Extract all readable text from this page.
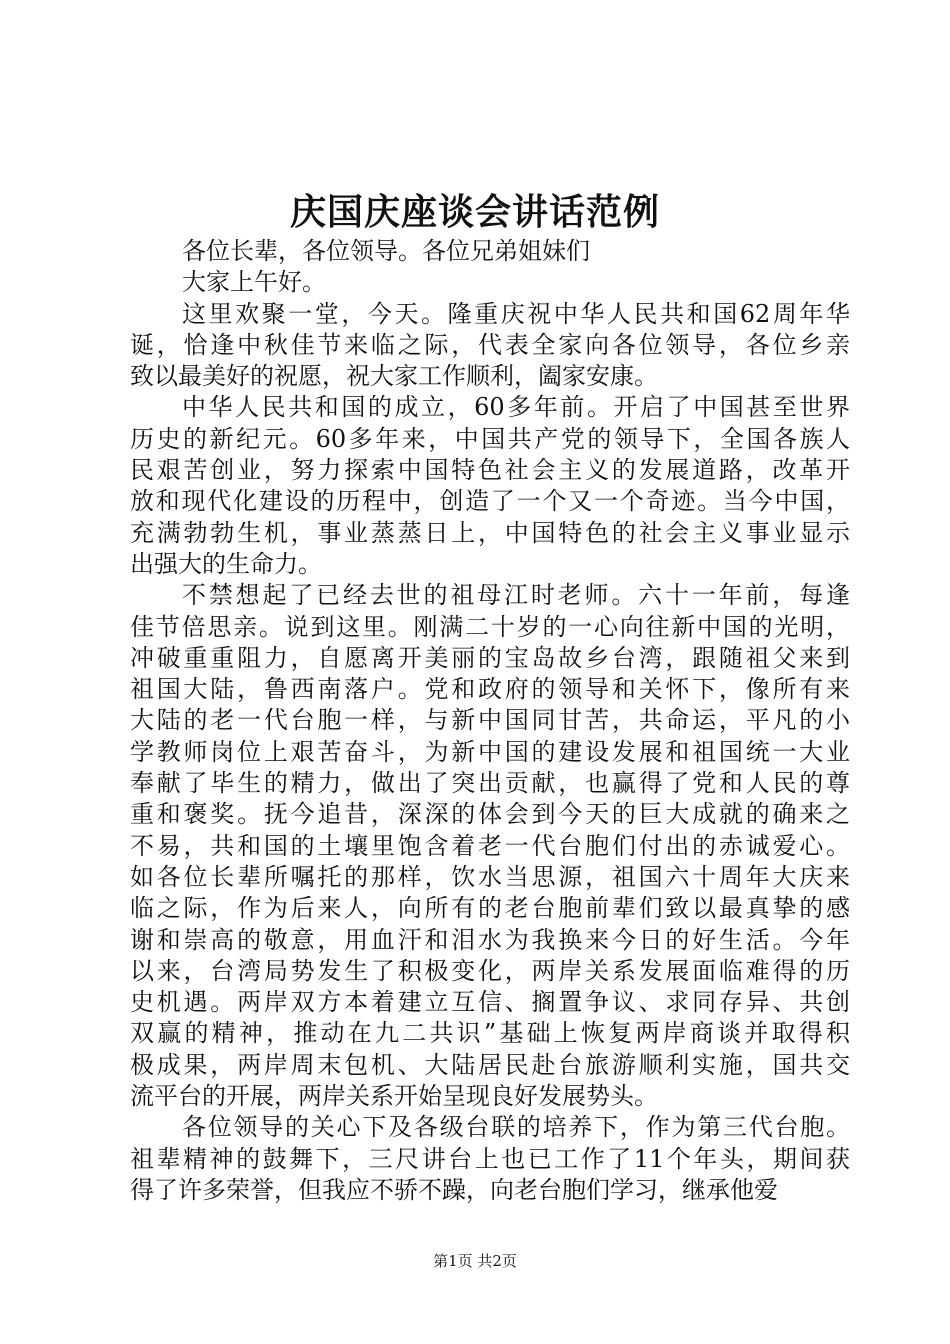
庆国庆座谈会讲话范例
各位长辈，各位领导。各位兄弟姐妹们
大家上午好。
这里欢聚一堂，今天。隆重庆祝中华人民共和国62周年华
诞，恰逢中秋佳节来临之际，代表全家向各位领导，各位乡亲
致以最美好的祝愿，祝大家工作顺利，阖家安康。
中华人民共和国的成立，60多年前。开启了中国甚至世界
历史的新纪元。60多年来，中国共产党的领导下，全国各族人
民艰苦创业，努力探索中国特色社会主义的发展道路，改革开
放和现代化建设的历程中，创造了一个又一个奇迹。当今中国，
充满勃勃生机，事业蒸蒸日上，中国特色的社会主义事业显示
出强大的生命力。
不禁想起了已经去世的祖母江时老师。六十一年前，每逢
佳节倍思亲。说到这里。刚满二十岁的一心向往新中国的光明，
冲破重重阻力，自愿离开美丽的宝岛故乡台湾，跟随祖父来到
祖国大陆，鲁西南落户。党和政府的领导和关怀下，像所有来
大陆的老一代台胞一样，与新中国同甘苦，共命运，平凡的小
学教师岗位上艰苦奋斗，为新中国的建设发展和祖国统一大业
奉献了毕生的精力，做出了突出贡献，也赢得了党和人民的尊
重和褒奖。抚今追昔，深深的体会到今天的巨大成就的确来之
不易，共和国的土壤里饱含着老一代台胞们付出的赤诚爱心。
如各位长辈所嘱托的那样，饮水当思源，祖国六十周年大庆来
临之际，作为后来人，向所有的老台胞前辈们致以最真挚的感
谢和崇高的敬意，用血汗和泪水为我换来今日的好生活。今年
以来，台湾局势发生了积极变化，两岸关系发展面临难得的历
史机遇。两岸双方本着建立互信、搁置争议、求同存异、共创
双赢的精神，推动在九二共识”基础上恢复两岸商谈并取得积
极成果，两岸周末包机、大陆居民赴台旅游顺利实施，国共交
流平台的开展，两岸关系开始呈现良好发展势头。
各位领导的关心下及各级台联的培养下，作为第三代台胞。
祖辈精神的鼓舞下，三尺讲台上也已工作了11个年头，期间获
得了许多荣誉，但我应不骄不躁，向老台胞们学习，继承他爱
第1页 共2页
